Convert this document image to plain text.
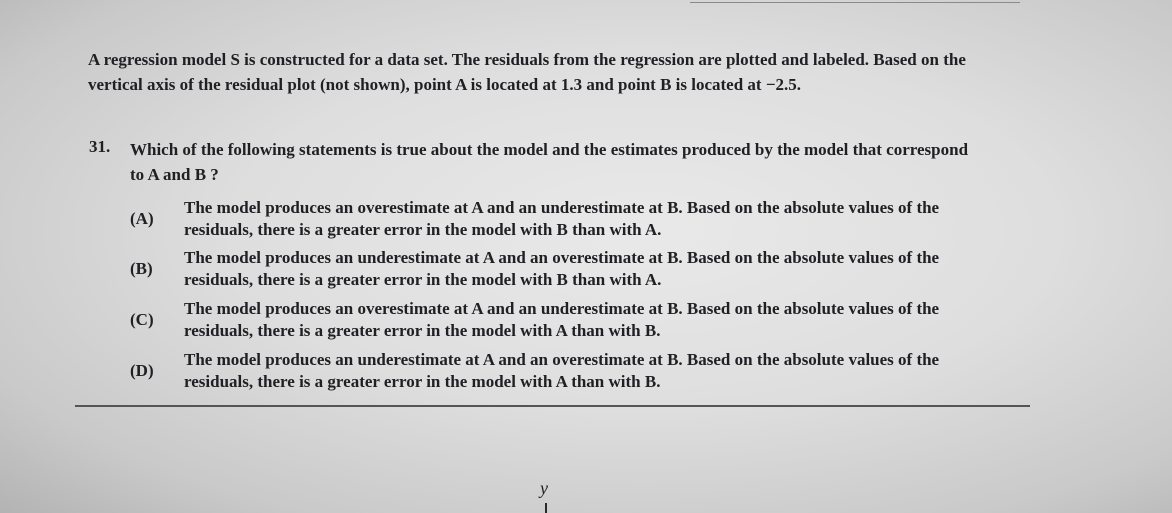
A regression model S is constructed for a data set. The residuals from the regression are plotted and labeled. Based on the
vertical axis of the residual plot (not shown), point A is located at 1.3 and point B is located at −2.5.
31. Which of the following statements is true about the model and the estimates produced by the model that correspond
to A and B ?
(A)
The model produces an overestimate at A and an underestimate at B. Based on the absolute values of the
residuals, there is a greater error in the model with B than with A.
(B)
The model produces an underestimate at A and an overestimate at B. Based on the absolute values of the
residuals, there is a greater error in the model with B than with A.
(C)
The model produces an overestimate at A and an underestimate at B. Based on the absolute values of the
residuals, there is a greater error in the model with A than with B.
(D)
The model produces an underestimate at A and an overestimate at B. Based on the absolute values of the
residuals, there is a greater error in the model with A than with B.
y
